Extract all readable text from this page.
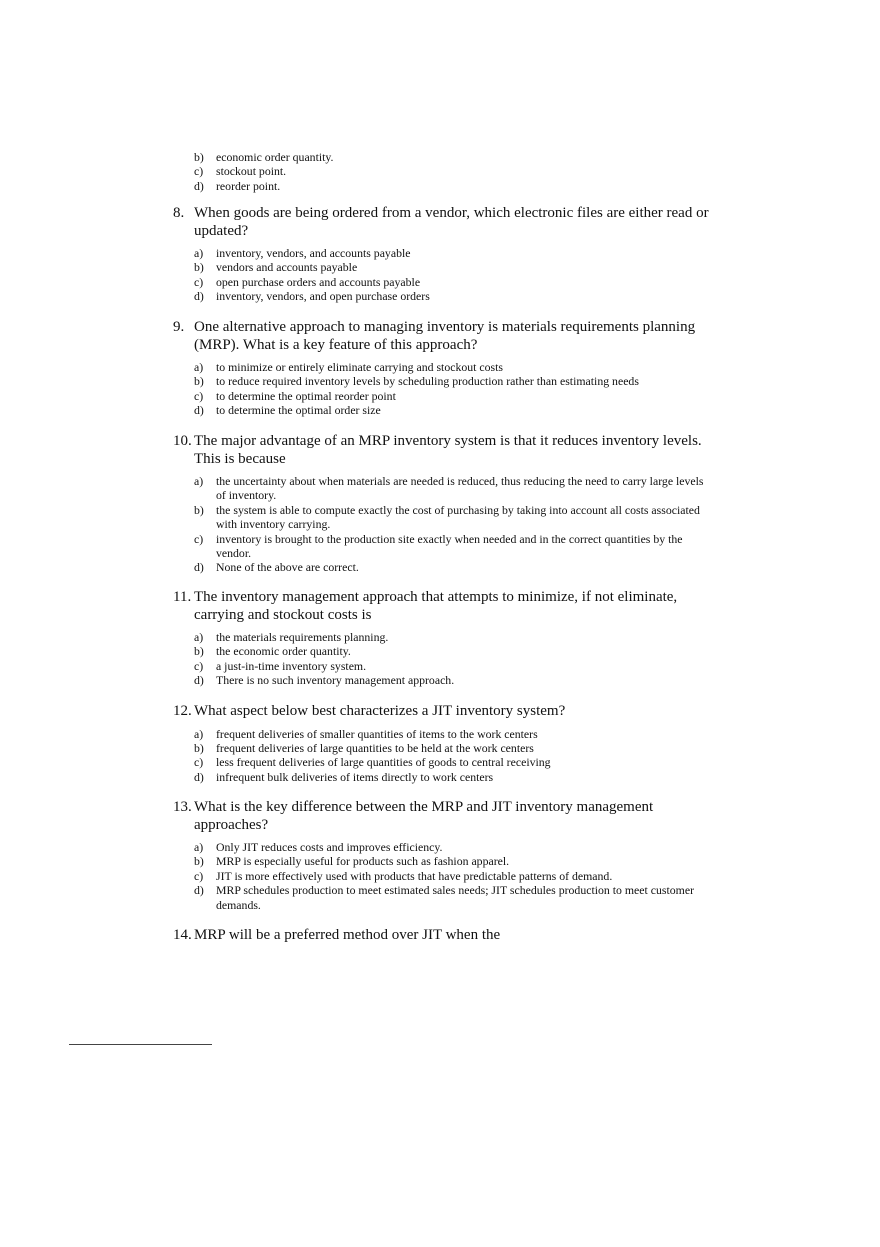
b)	economic order quantity.
c)	stockout point.
d)	reorder point.
8. When goods are being ordered from a vendor, which electronic files are either read or updated?
a)	inventory, vendors, and accounts payable
b)	vendors and accounts payable
c)	open purchase orders and accounts payable
d)	inventory, vendors, and open purchase orders
9. One alternative approach to managing inventory is materials requirements planning (MRP). What is a key feature of this approach?
a)	to minimize or entirely eliminate carrying and stockout costs
b)	to reduce required inventory levels by scheduling production rather than estimating needs
c)	to determine the optimal reorder point
d)	to determine the optimal order size
10. The major advantage of an MRP inventory system is that it reduces inventory levels. This is because
a)	the uncertainty about when materials are needed is reduced, thus reducing the need to carry large levels of inventory.
b)	the system is able to compute exactly the cost of purchasing by taking into account all costs associated with inventory carrying.
c)	inventory is brought to the production site exactly when needed and in the correct quantities by the vendor.
d)	None of the above are correct.
11. The inventory management approach that attempts to minimize, if not eliminate, carrying and stockout costs is
a)	the materials requirements planning.
b)	the economic order quantity.
c)	a just-in-time inventory system.
d)	There is no such inventory management approach.
12. What aspect below best characterizes a JIT inventory system?
a)	frequent deliveries of smaller quantities of items to the work centers
b)	frequent deliveries of large quantities to be held at the work centers
c)	less frequent deliveries of large quantities of goods to central receiving
d)	infrequent bulk deliveries of items directly to work centers
13. What is the key difference between the MRP and JIT inventory management approaches?
a)	Only JIT reduces costs and improves efficiency.
b)	MRP is especially useful for products such as fashion apparel.
c)	JIT is more effectively used with products that have predictable patterns of demand.
d)	MRP schedules production to meet estimated sales needs; JIT schedules production to meet customer demands.
14. MRP will be a preferred method over JIT when the
